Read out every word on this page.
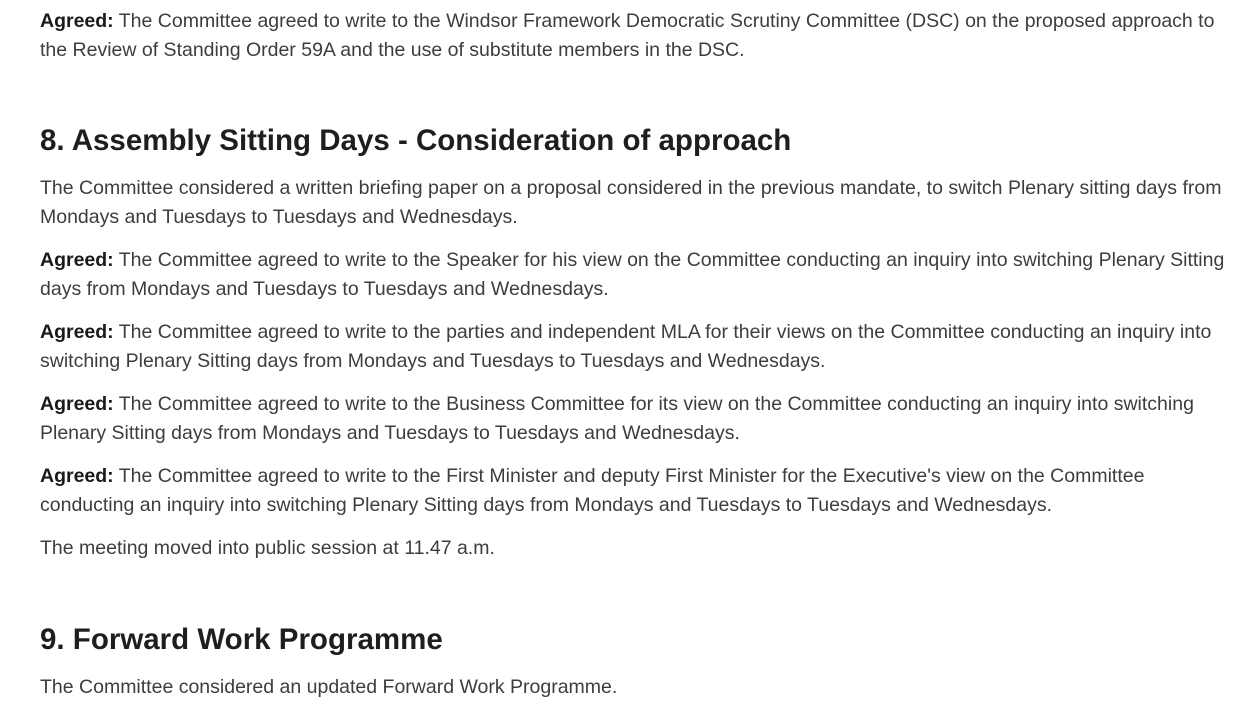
Agreed: The Committee agreed to write to the Windsor Framework Democratic Scrutiny Committee (DSC) on the proposed approach to the Review of Standing Order 59A and the use of substitute members in the DSC.

8. Assembly Sitting Days - Consideration of approach

The Committee considered a written briefing paper on a proposal considered in the previous mandate, to switch Plenary sitting days from Mondays and Tuesdays to Tuesdays and Wednesdays.

Agreed: The Committee agreed to write to the Speaker for his view on the Committee conducting an inquiry into switching Plenary Sitting days from Mondays and Tuesdays to Tuesdays and Wednesdays.

Agreed: The Committee agreed to write to the parties and independent MLA for their views on the Committee conducting an inquiry into switching Plenary Sitting days from Mondays and Tuesdays to Tuesdays and Wednesdays.

Agreed: The Committee agreed to write to the Business Committee for its view on the Committee conducting an inquiry into switching Plenary Sitting days from Mondays and Tuesdays to Tuesdays and Wednesdays.

Agreed: The Committee agreed to write to the First Minister and deputy First Minister for the Executive's view on the Committee conducting an inquiry into switching Plenary Sitting days from Mondays and Tuesdays to Tuesdays and Wednesdays.

The meeting moved into public session at 11.47 a.m.

9. Forward Work Programme

The Committee considered an updated Forward Work Programme.
